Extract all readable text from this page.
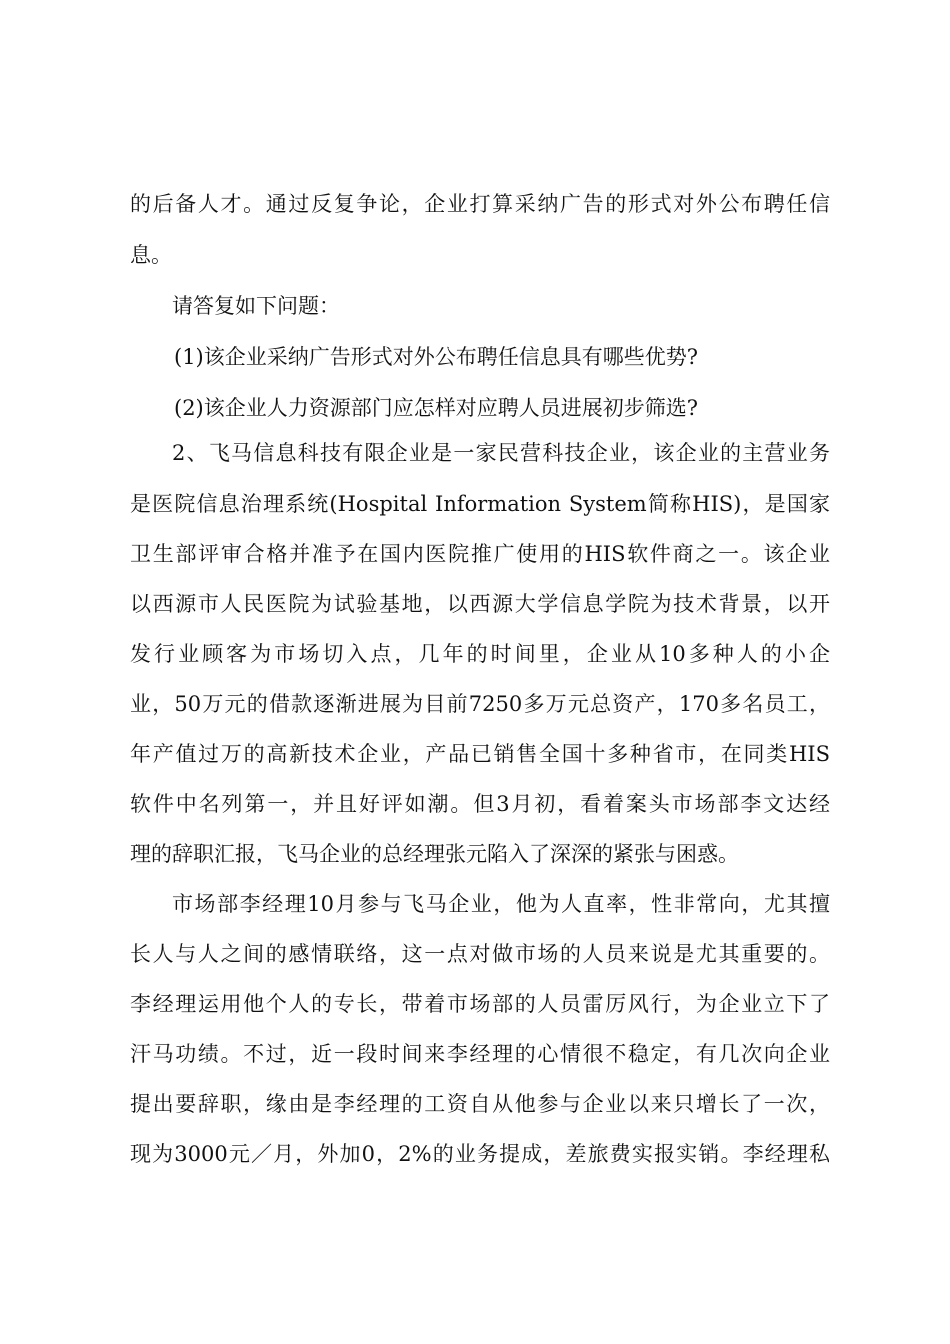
的后备人才。通过反复争论，企业打算采纳广告的形式对外公布聘任信
息。
请答复如下问题：
(1)该企业采纳广告形式对外公布聘任信息具有哪些优势?
(2)该企业人力资源部门应怎样对应聘人员进展初步筛选?
2、飞马信息科技有限企业是一家民营科技企业，该企业的主营业务
是医院信息治理系统(Hospital Information System简称HIS)，是国家
卫生部评审合格并准予在国内医院推广使用的HIS软件商之一。该企业
以西源市人民医院为试验基地，以西源大学信息学院为技术背景，以开
发行业顾客为市场切入点，几年的时间里，企业从10多种人的小企
业，50万元的借款逐渐进展为目前7250多万元总资产，170多名员工，
年产值过万的高新技术企业，产品已销售全国十多种省市，在同类HIS
软件中名列第一，并且好评如潮。但3月初，看着案头市场部李文达经
理的辞职汇报，飞马企业的总经理张元陷入了深深的紧张与困惑。
市场部李经理10月参与飞马企业，他为人直率，性非常向，尤其擅
长人与人之间的感情联络，这一点对做市场的人员来说是尤其重要的。
李经理运用他个人的专长，带着市场部的人员雷厉风行，为企业立下了
汗马功绩。不过，近一段时间来李经理的心情很不稳定，有几次向企业
提出要辞职，缘由是李经理的工资自从他参与企业以来只增长了一次，
现为3000元／月，外加0，2%的业务提成，差旅费实报实销。李经理私
